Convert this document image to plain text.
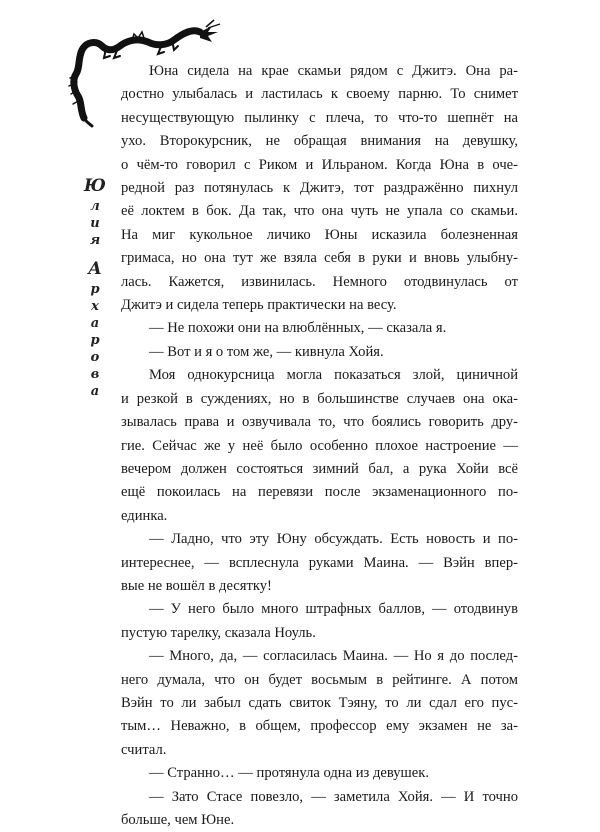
Ю
л
и
я
А
р
х
а
р
о
в
а
Юна сидела на крае скамьи рядом с Джитэ. Она ра-
достно улыбалась и ластилась к своему парню. То снимет
несуществующую пылинку с плеча, то что-то шепнёт на
ухо. Второкурсник, не обращая внимания на девушку,
о чём-то говорил с Риком и Ильраном. Когда Юна в оче-
редной раз потянулась к Джитэ, тот раздражённо пихнул
её локтем в бок. Да так, что она чуть не упала со скамьи.
На миг кукольное личико Юны исказила болезненная
гримаса, но она тут же взяла себя в руки и вновь улыбну-
лась. Кажется, извинилась. Немного отодвинулась от
Джитэ и сидела теперь практически на весу.
— Не похожи они на влюблённых, — сказала я.
— Вот и я о том же, — кивнула Хойя.
Моя однокурсница могла показаться злой, циничной
и резкой в суждениях, но в большинстве случаев она ока-
зывалась права и озвучивала то, что боялись говорить дру-
гие. Сейчас же у неё было особенно плохое настроение —
вечером должен состояться зимний бал, а рука Хойи всё
ещё покоилась на перевязи после экзаменационного по-
единка.
— Ладно, что эту Юну обсуждать. Есть новость и по-
интереснее, — всплеснула руками Маина. — Вэйн впер-
вые не вошёл в десятку!
— У него было много штрафных баллов, — отодвинув
пустую тарелку, сказала Ноуль.
— Много, да, — согласилась Маина. — Но я до послед-
него думала, что он будет восьмым в рейтинге. А потом
Вэйн то ли забыл сдать свиток Тэяну, то ли сдал его пус-
тым… Неважно, в общем, профессор ему экзамен не за-
считал.
— Странно… — протянула одна из девушек.
— Зато Стасе повезло, — заметила Хойя. — И точно
больше, чем Юне.
